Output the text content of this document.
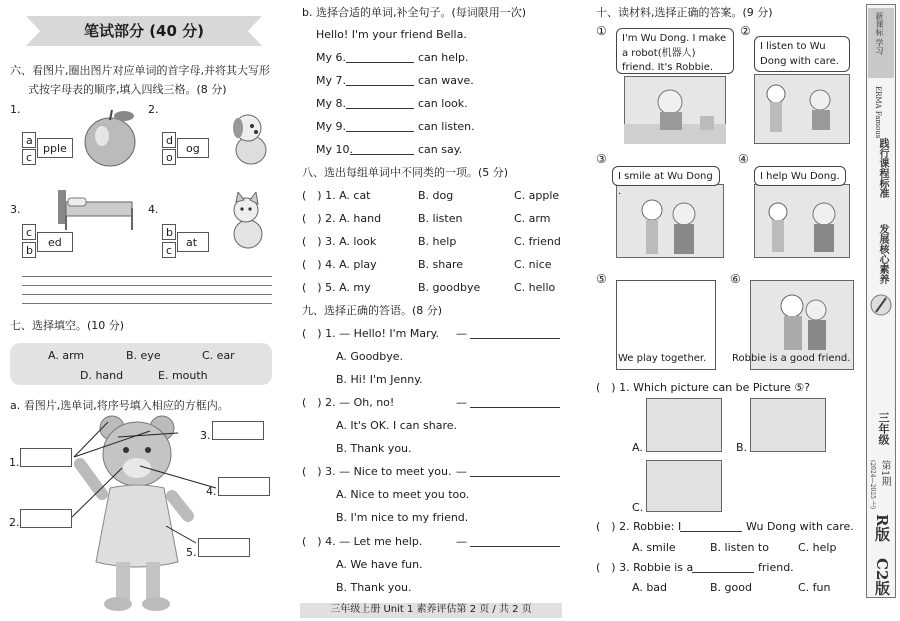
笔试部分 (40 分)
六、看图片,圈出图片对应单词的首字母,并将其大写形
式按字母表的顺序,填入四线三格。(8 分)
1.
a
c
pple
2.
d
o
og
3.
c
b
ed
4.
b
c
at
七、选择填空。(10 分)
A. arm	B. eye	C. ear
D. hand	E. mouth
a. 看图片,选单词,将序号填入相应的方框内。
1.
2.
3.
4.
5.
b. 选择合适的单词,补全句子。(每词限用一次)
Hello! I'm your friend Bella.
My 6.	can help.
My 7.	can wave.
My 8.	can look.
My 9.	can listen.
My 10.	can say.
八、选出每组单词中不同类的一项。(5 分)
(　) 1. A. cat	B. dog	C. apple
(　) 2. A. hand	B. listen	C. arm
(　) 3. A. look	B. help	C. friend
(　) 4. A. play	B. share	C. nice
(　) 5. A. my	B. goodbye	C. hello
九、选择正确的答语。(8 分)
(　) 1. — Hello! I'm Mary. —
A. Goodbye.
B. Hi! I'm Jenny.
(　) 2. — Oh, no!	—
A. It's OK. I can share.
B. Thank you.
(　) 3. — Nice to meet you. —
A. Nice to meet you too.
B. I'm nice to my friend.
(　) 4. — Let me help.	—
A. We have fun.
B. Thank you.
三年级上册 Unit 1 素养评估第 2 页 / 共 2 页
十、读材料,选择正确的答案。(9 分)
①
I'm Wu Dong. I make a robot(机器人) friend. It's Robbie.
②
I listen to Wu Dong with care.
③
I smile at Wu Dong .
④
I help Wu Dong.
⑤
We play together.
⑥
Robbie is a good friend.
(　) 1. Which picture can be Picture ⑤?
A.	B.
C.
(　) 2. Robbie: I	Wu Dong with care.
A. smile	B. listen to	C. help
(　) 3. Robbie is a	friend.
A. bad	B. good	C. fun
新课标 学习
ERMA Famous
践行课程标准
发展核心素养
三年级
第1期
(2024—2025 上)
R版
C2版
